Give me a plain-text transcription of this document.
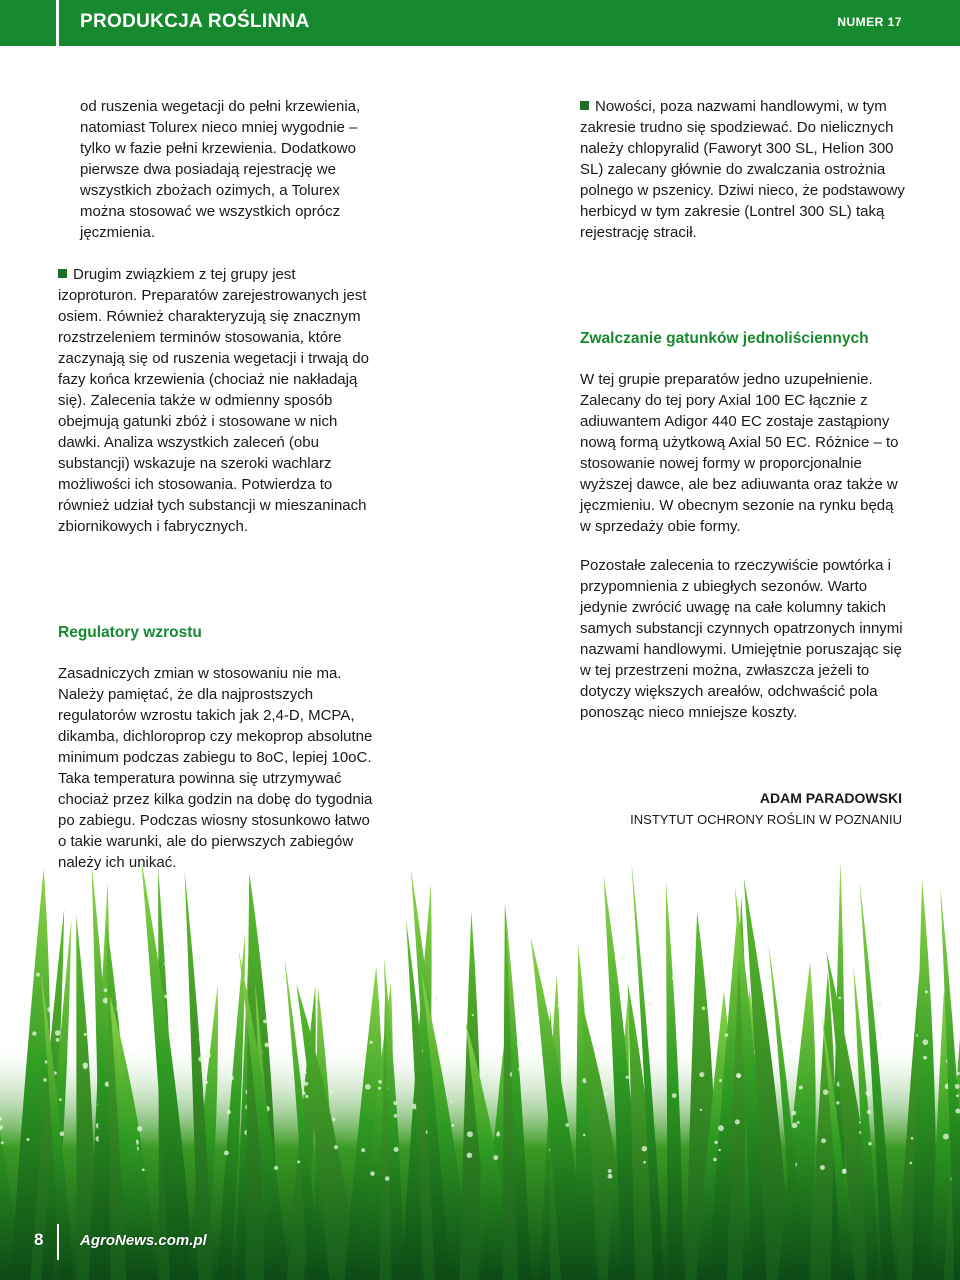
PRODUKCJA ROŚLINNA	NUMER 17

od ruszenia wegetacji do pełni krzewienia, natomiast Tolurex nieco mniej wygodnie – tylko w fazie pełni krzewienia. Dodatkowo pierwsze dwa posiadają rejestrację we wszystkich zbożach ozimych, a Tolurex można stosować we wszystkich oprócz jęczmienia.

Drugim związkiem z tej grupy jest izoproturon. Preparatów zarejestrowanych jest osiem. Również charakteryzują się znacznym rozstrzeleniem terminów stosowania, które zaczynają się od ruszenia wegetacji i trwają do fazy końca krzewienia (chociaż nie nakładają się). Zalecenia także w odmienny sposób obejmują gatunki zbóż i stosowane w nich dawki. Analiza wszystkich zaleceń (obu substancji) wskazuje na szeroki wachlarz możliwości ich stosowania. Potwierdza to również udział tych substancji w mieszaninach zbiornikowych i fabrycznych.

Regulatory wzrostu

Zasadniczych zmian w stosowaniu nie ma. Należy pamiętać, że dla najprostszych regulatorów wzrostu takich jak 2,4-D, MCPA, dikamba, dichloroprop czy mekoprop absolutne minimum podczas zabiegu to 8oC, lepiej 10oC. Taka temperatura powinna się utrzymywać chociaż przez kilka godzin na dobę do tygodnia po zabiegu. Podczas wiosny stosunkowo łatwo o takie warunki, ale do pierwszych zabiegów należy ich unikać.

Nowości, poza nazwami handlowymi, w tym zakresie trudno się spodziewać. Do nielicznych należy chlopyralid (Faworyt 300 SL, Helion 300 SL) zalecany głównie do zwalczania ostrożnia polnego w pszenicy. Dziwi nieco, że podstawowy herbicyd w tym zakresie (Lontrel 300 SL) taką rejestrację stracił.

Zwalczanie gatunków jednoliściennych

W tej grupie preparatów jedno uzupełnienie. Zalecany do tej pory Axial 100 EC łącznie z adiuwantem Adigor 440 EC zostaje zastąpiony nową formą użytkową Axial 50 EC. Różnice – to stosowanie nowej formy w proporcjonalnie wyższej dawce, ale bez adiuwanta oraz także w jęczmieniu. W obecnym sezonie na rynku będą w sprzedaży obie formy.

Pozostałe zalecenia to rzeczywiście powtórka i przypomnienia z ubiegłych sezonów. Warto jedynie zwrócić uwagę na całe kolumny takich samych substancji czynnych opatrzonych innymi nazwami handlowymi. Umiejętnie poruszając się w tej przestrzeni można, zwłaszcza jeżeli to dotyczy większych areałów, odchwaścić pola ponosząc nieco mniejsze koszty.

ADAM PARADOWSKI
INSTYTUT OCHRONY ROŚLIN W POZNANIU
8 AgroNews.com.pl
